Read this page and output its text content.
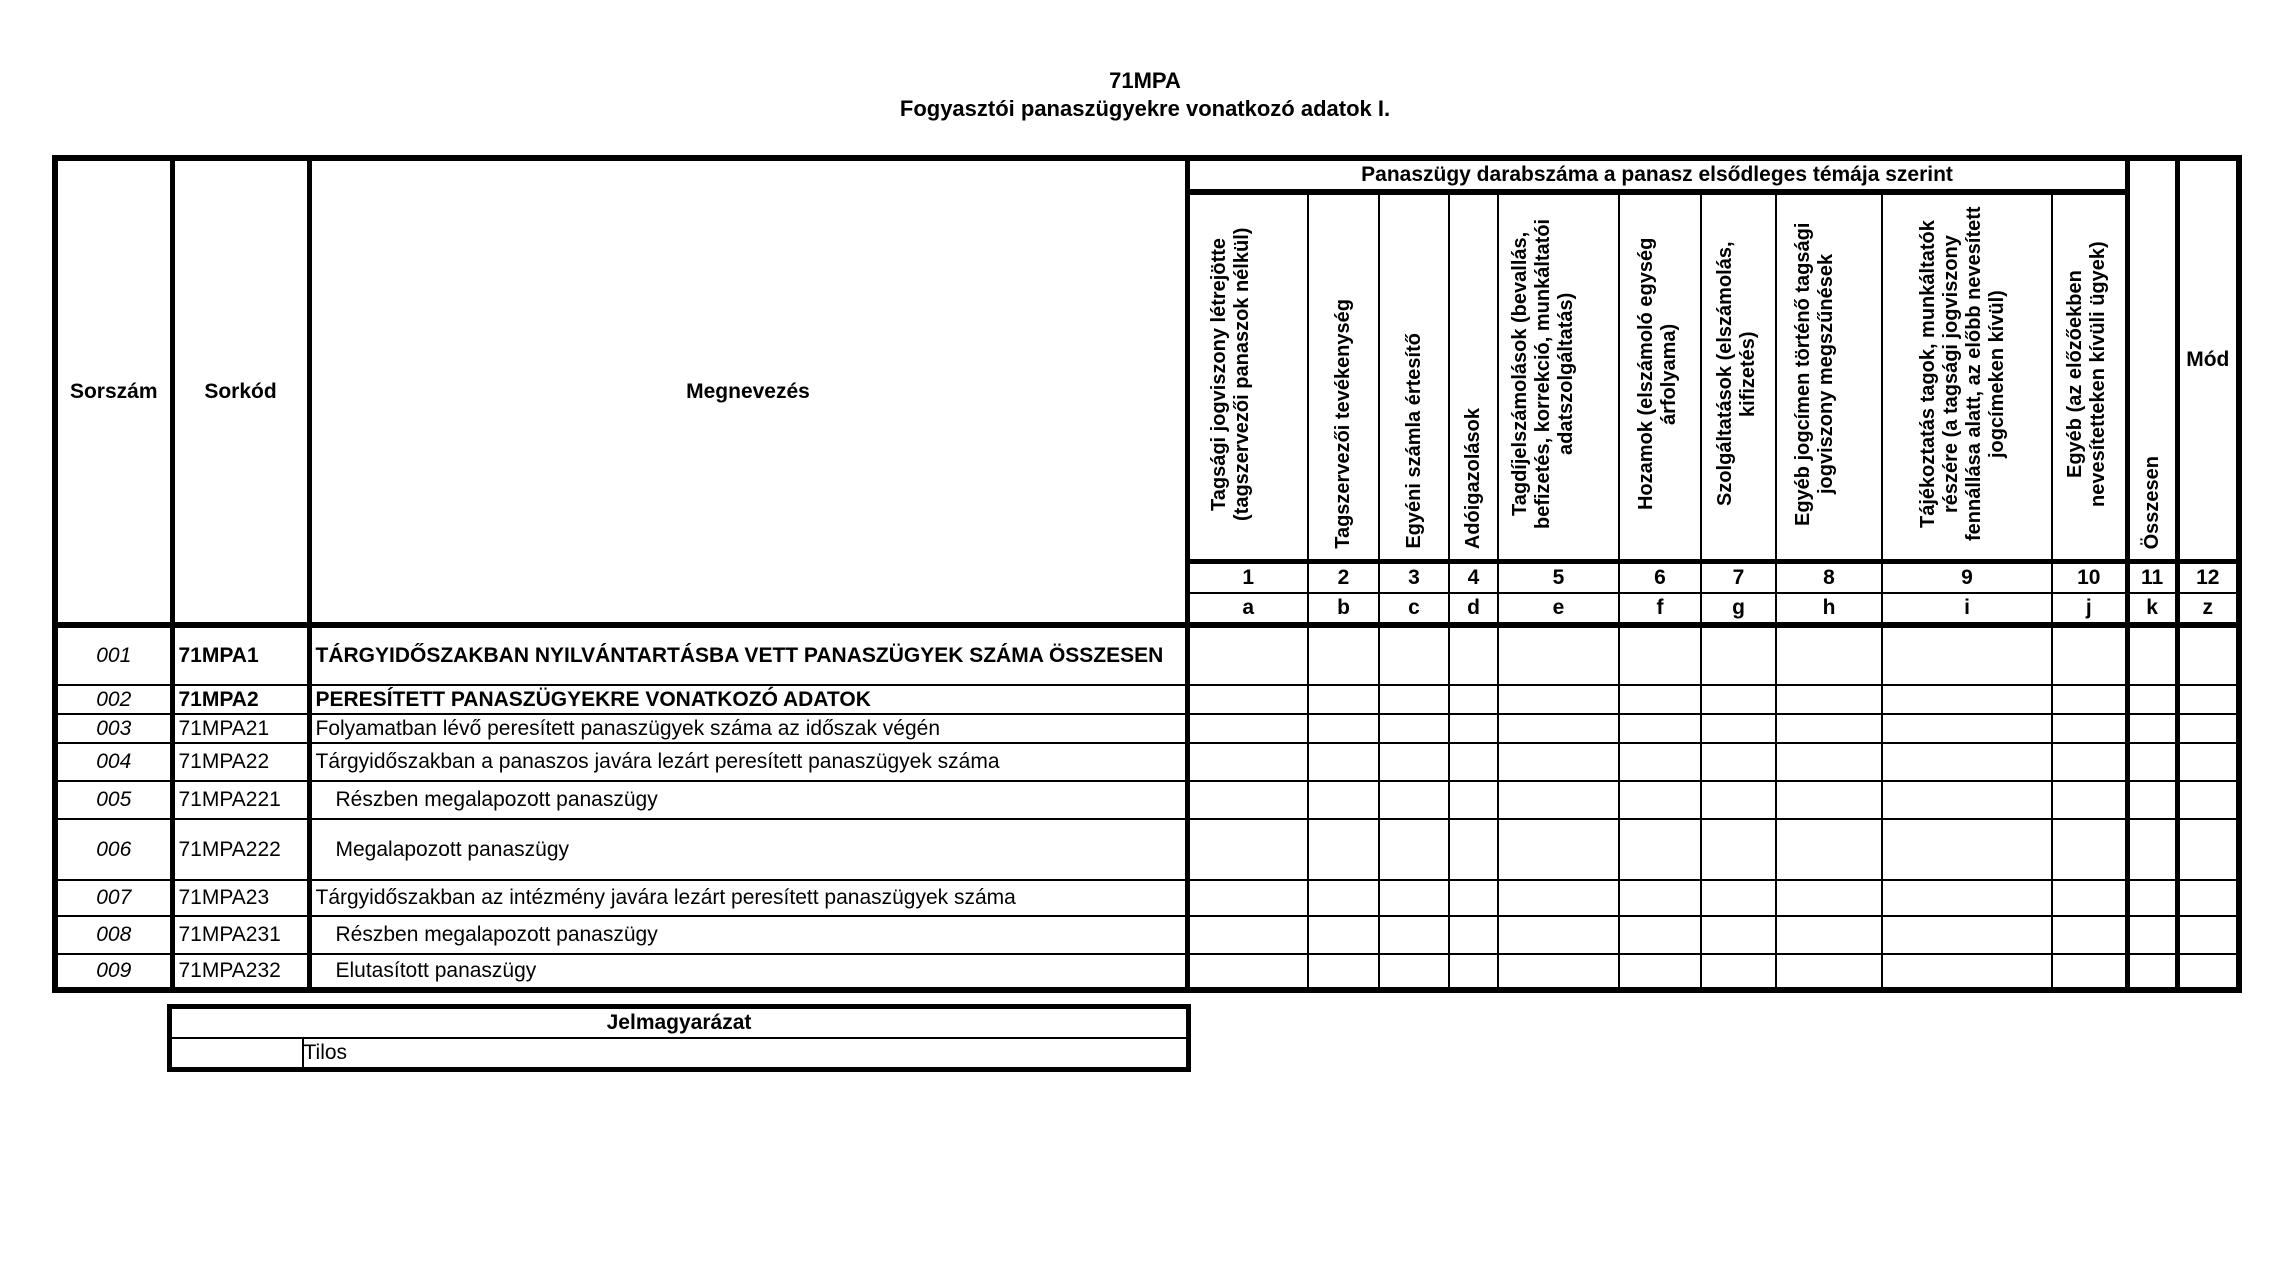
71MPA
Fogyasztói panaszügyekre vonatkozó adatok I.
Sorszám	Sorkód	Megnevezés	Panaszügy darabszáma a panasz elsődleges témája szerint										Összesen	Mód
			Tagsági jogviszony létrejötte (tagszervezői panaszok nélkül)	Tagszervezői tevékenység	Egyéni számla értesítő	Adóigazolások	Tagdíjelszámolások (bevallás, befizetés, korrekció, munkáltatói adatszolgáltatás)	Hozamok (elszámoló egység árfolyama)	Szolgáltatások (elszámolás, kifizetés)	Egyéb jogcímen történő tagsági jogviszony megszűnések	Tájékoztatás tagok, munkáltatók részére (a tagsági jogviszony fennállása alatt, az előbb nevesített jogcímeken kívül)	Egyéb (az előzőekben nevesítetteken kívüli ügyek)		
			1	2	3	4	5	6	7	8	9	10	11	12
			a	b	c	d	e	f	g	h	i	j	k	z
001	71MPA1	TÁRGYIDŐSZAKBAN NYILVÁNTARTÁSBA VETT PANASZÜGYEK SZÁMA ÖSSZESEN												
002	71MPA2	PERESÍTETT PANASZÜGYEKRE VONATKOZÓ ADATOK												
003	71MPA21	Folyamatban lévő peresített panaszügyek száma az időszak végén												
004	71MPA22	Tárgyidőszakban a panaszos javára lezárt peresített panaszügyek száma												
005	71MPA221	Részben megalapozott panaszügy												
006	71MPA222	Megalapozott panaszügy												
007	71MPA23	Tárgyidőszakban az intézmény javára lezárt peresített panaszügyek száma												
008	71MPA231	Részben megalapozott panaszügy												
009	71MPA232	Elutasított panaszügy												
Jelmagyarázat
	Tilos
